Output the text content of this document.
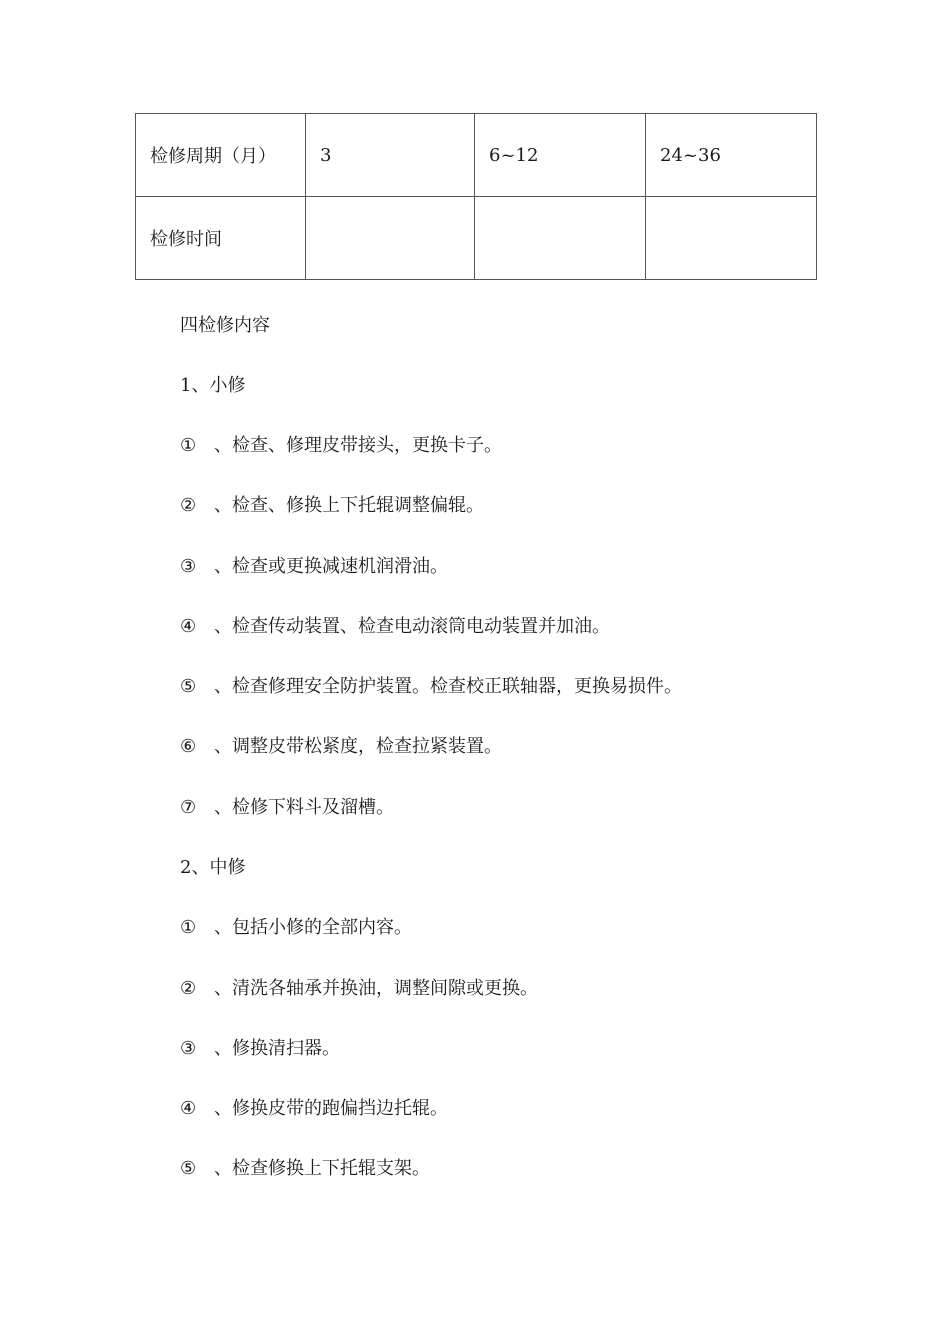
检修周期（月）	3	6~12	24~36
检修时间			
四检修内容
1、小修
① 、检查、修理皮带接头，更换卡子。
② 、检查、修换上下托辊调整偏辊。
③ 、检查或更换减速机润滑油。
④ 、检查传动装置、检查电动滚筒电动装置并加油。
⑤ 、检查修理安全防护装置。检查校正联轴器，更换易损件。
⑥ 、调整皮带松紧度，检查拉紧装置。
⑦ 、检修下料斗及溜槽。
2、中修
① 、包括小修的全部内容。
② 、清洗各轴承并换油，调整间隙或更换。
③ 、修换清扫器。
④ 、修换皮带的跑偏挡边托辊。
⑤ 、检查修换上下托辊支架。
